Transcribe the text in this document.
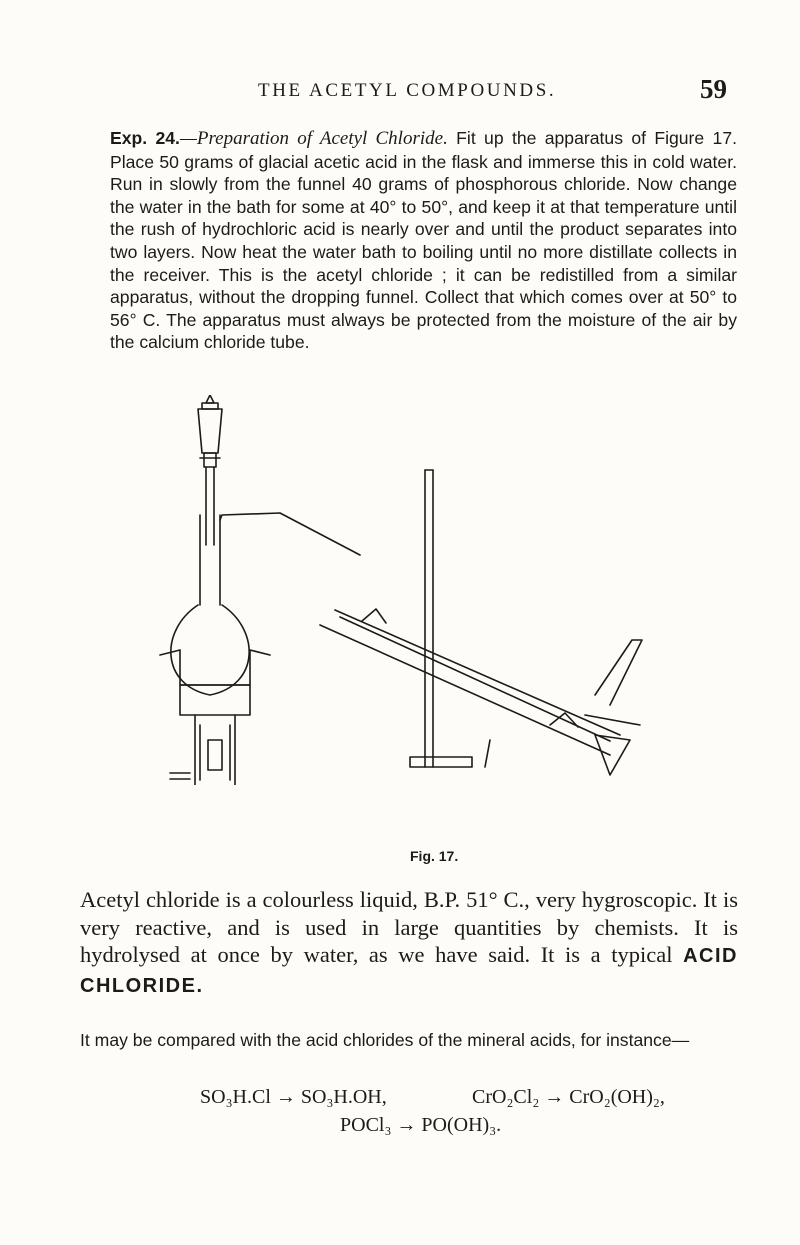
THE ACETYL COMPOUNDS.	59

Exp. 24.—Preparation of Acetyl Chloride. Fit up the apparatus of Figure 17. Place 50 grams of glacial acetic acid in the flask and immerse this in cold water. Run in slowly from the funnel 40 grams of phosphorous chloride. Now change the water in the bath for some at 40° to 50°, and keep it at that temperature until the rush of hydrochloric acid is nearly over and until the product separates into two layers. Now heat the water bath to boiling until no more distillate collects in the receiver. This is the acetyl chloride ; it can be redistilled from a similar apparatus, without the dropping funnel. Collect that which comes over at 50° to 56° C. The apparatus must always be protected from the moisture of the air by the calcium chloride tube.

Fig. 17.

Acetyl chloride is a colourless liquid, B.P. 51° C., very hygroscopic. It is very reactive, and is used in large quantities by chemists. It is hydrolysed at once by water, as we have said. It is a typical ACID CHLORIDE.

It may be compared with the acid chlorides of the mineral acids, for instance—

SO₃H.Cl → SO₃H.OH,	CrO₂Cl₂ → CrO₂(OH)₂,
POCl₃ → PO(OH)₃.
